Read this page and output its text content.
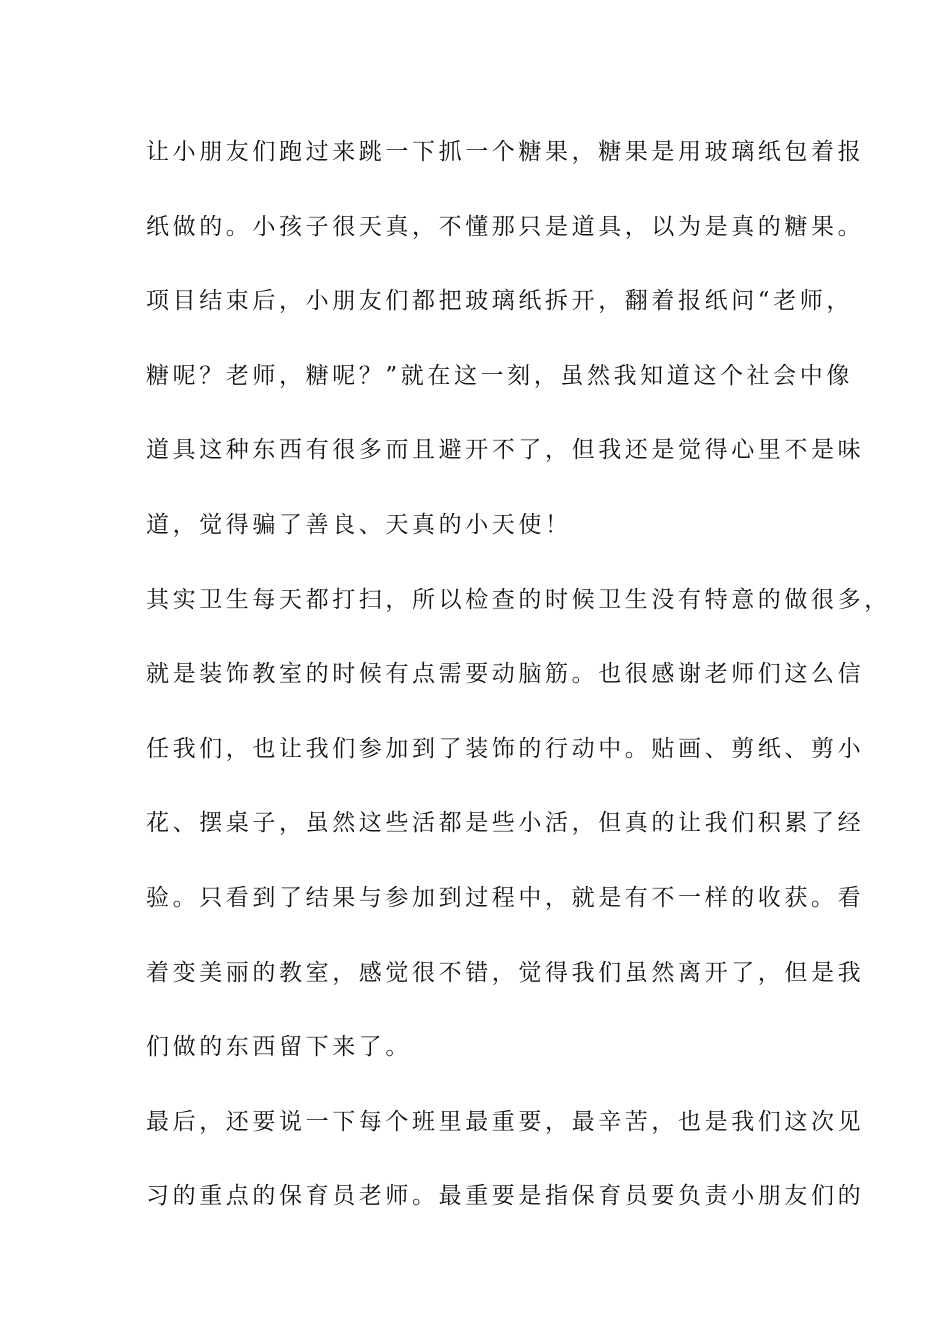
让小朋友们跑过来跳一下抓一个糖果，糖果是用玻璃纸包着报
纸做的。小孩子很天真，不懂那只是道具，以为是真的糖果。
项目结束后，小朋友们都把玻璃纸拆开，翻着报纸问“老师，
糖呢？老师，糖呢？”就在这一刻，虽然我知道这个社会中像
道具这种东西有很多而且避开不了，但我还是觉得心里不是味
道，觉得骗了善良、天真的小天使！
其实卫生每天都打扫，所以检查的时候卫生没有特意的做很多，
就是装饰教室的时候有点需要动脑筋。也很感谢老师们这么信
任我们，也让我们参加到了装饰的行动中。贴画、剪纸、剪小
花、摆桌子，虽然这些活都是些小活，但真的让我们积累了经
验。只看到了结果与参加到过程中，就是有不一样的收获。看
着变美丽的教室，感觉很不错，觉得我们虽然离开了，但是我
们做的东西留下来了。
最后，还要说一下每个班里最重要，最辛苦，也是我们这次见
习的重点的保育员老师。最重要是指保育员要负责小朋友们的
